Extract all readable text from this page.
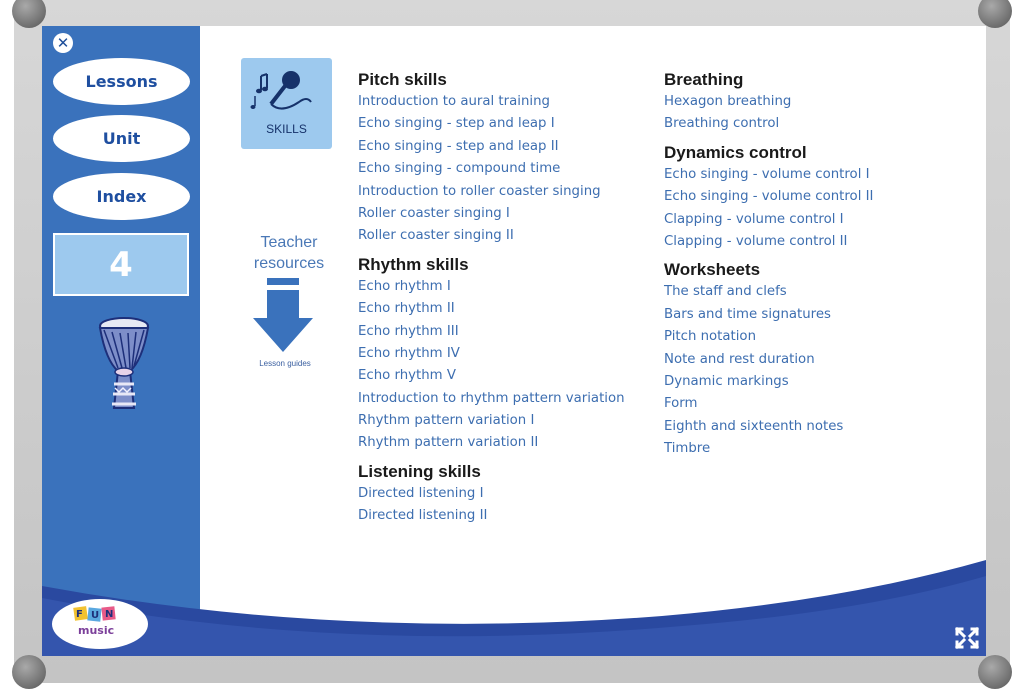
✕
Lessons
Unit
Index
4
F U N
music
SKILLS
Teacher
resources
Lesson guides
Pitch skills
Introduction to aural training
Echo singing - step and leap I
Echo singing - step and leap II
Echo singing - compound time
Introduction to roller coaster singing
Roller coaster singing I
Roller coaster singing II
Rhythm skills
Echo rhythm I
Echo rhythm II
Echo rhythm III
Echo rhythm IV
Echo rhythm V
Introduction to rhythm pattern variation
Rhythm pattern variation I
Rhythm pattern variation II
Listening skills
Directed listening I
Directed listening II
Breathing
Hexagon breathing
Breathing control
Dynamics control
Echo singing - volume control I
Echo singing - volume control II
Clapping - volume control I
Clapping - volume control II
Worksheets
The staff and clefs
Bars and time signatures
Pitch notation
Note and rest duration
Dynamic markings
Form
Eighth and sixteenth notes
Timbre
